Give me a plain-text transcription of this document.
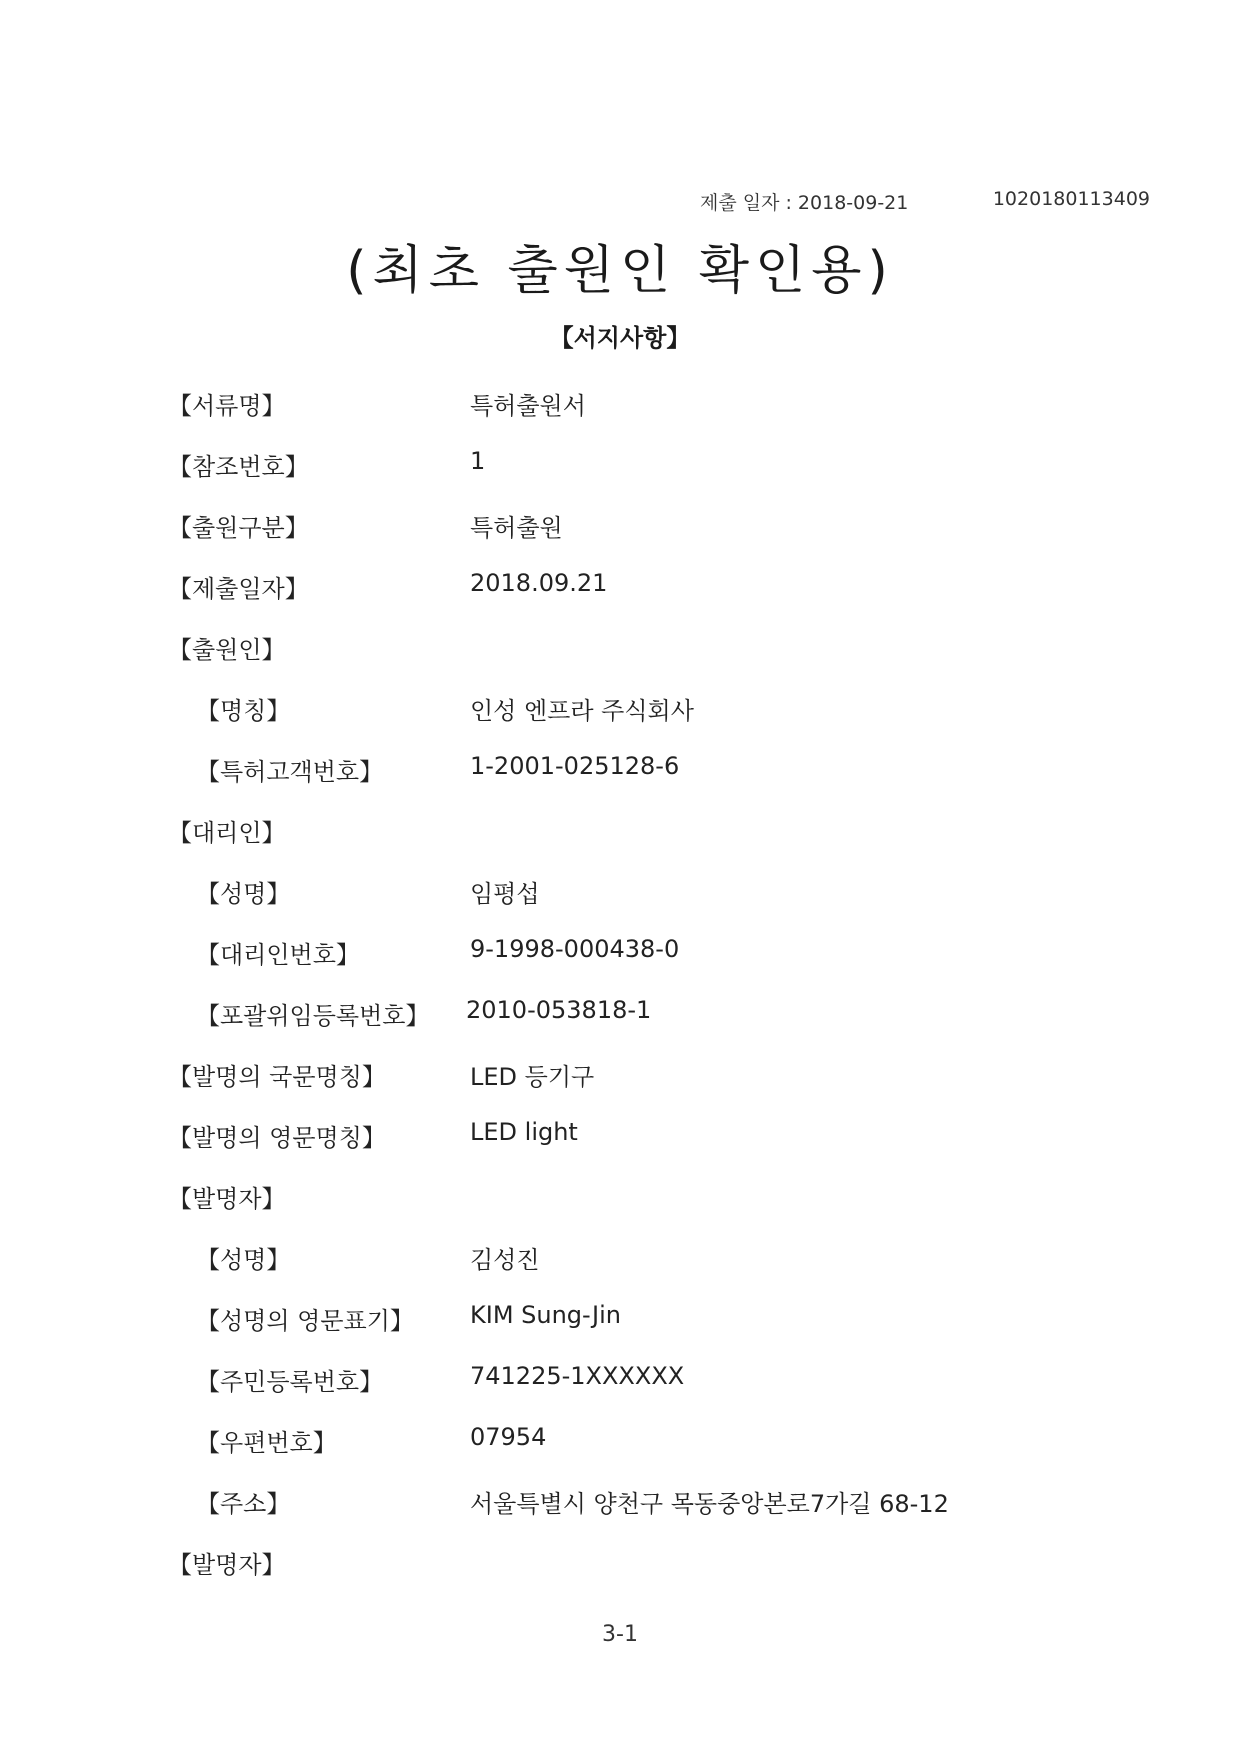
제출 일자 : 2018-09-21	1020180113409
(최초 출원인 확인용)
【서지사항】
【서류명】	특허출원서
【참조번호】	1
【출원구분】	특허출원
【제출일자】	2018.09.21
【출원인】
【명칭】	인성 엔프라 주식회사
【특허고객번호】	1-2001-025128-6
【대리인】
【성명】	임평섭
【대리인번호】	9-1998-000438-0
【포괄위임등록번호】 2010-053818-1
【발명의 국문명칭】	LED 등기구
【발명의 영문명칭】	LED light
【발명자】
【성명】	김성진
【성명의 영문표기】 KIM Sung-Jin
【주민등록번호】	741225-1XXXXXX
【우편번호】	07954
【주소】	서울특별시 양천구 목동중앙본로7가길 68-12
【발명자】
3-1
